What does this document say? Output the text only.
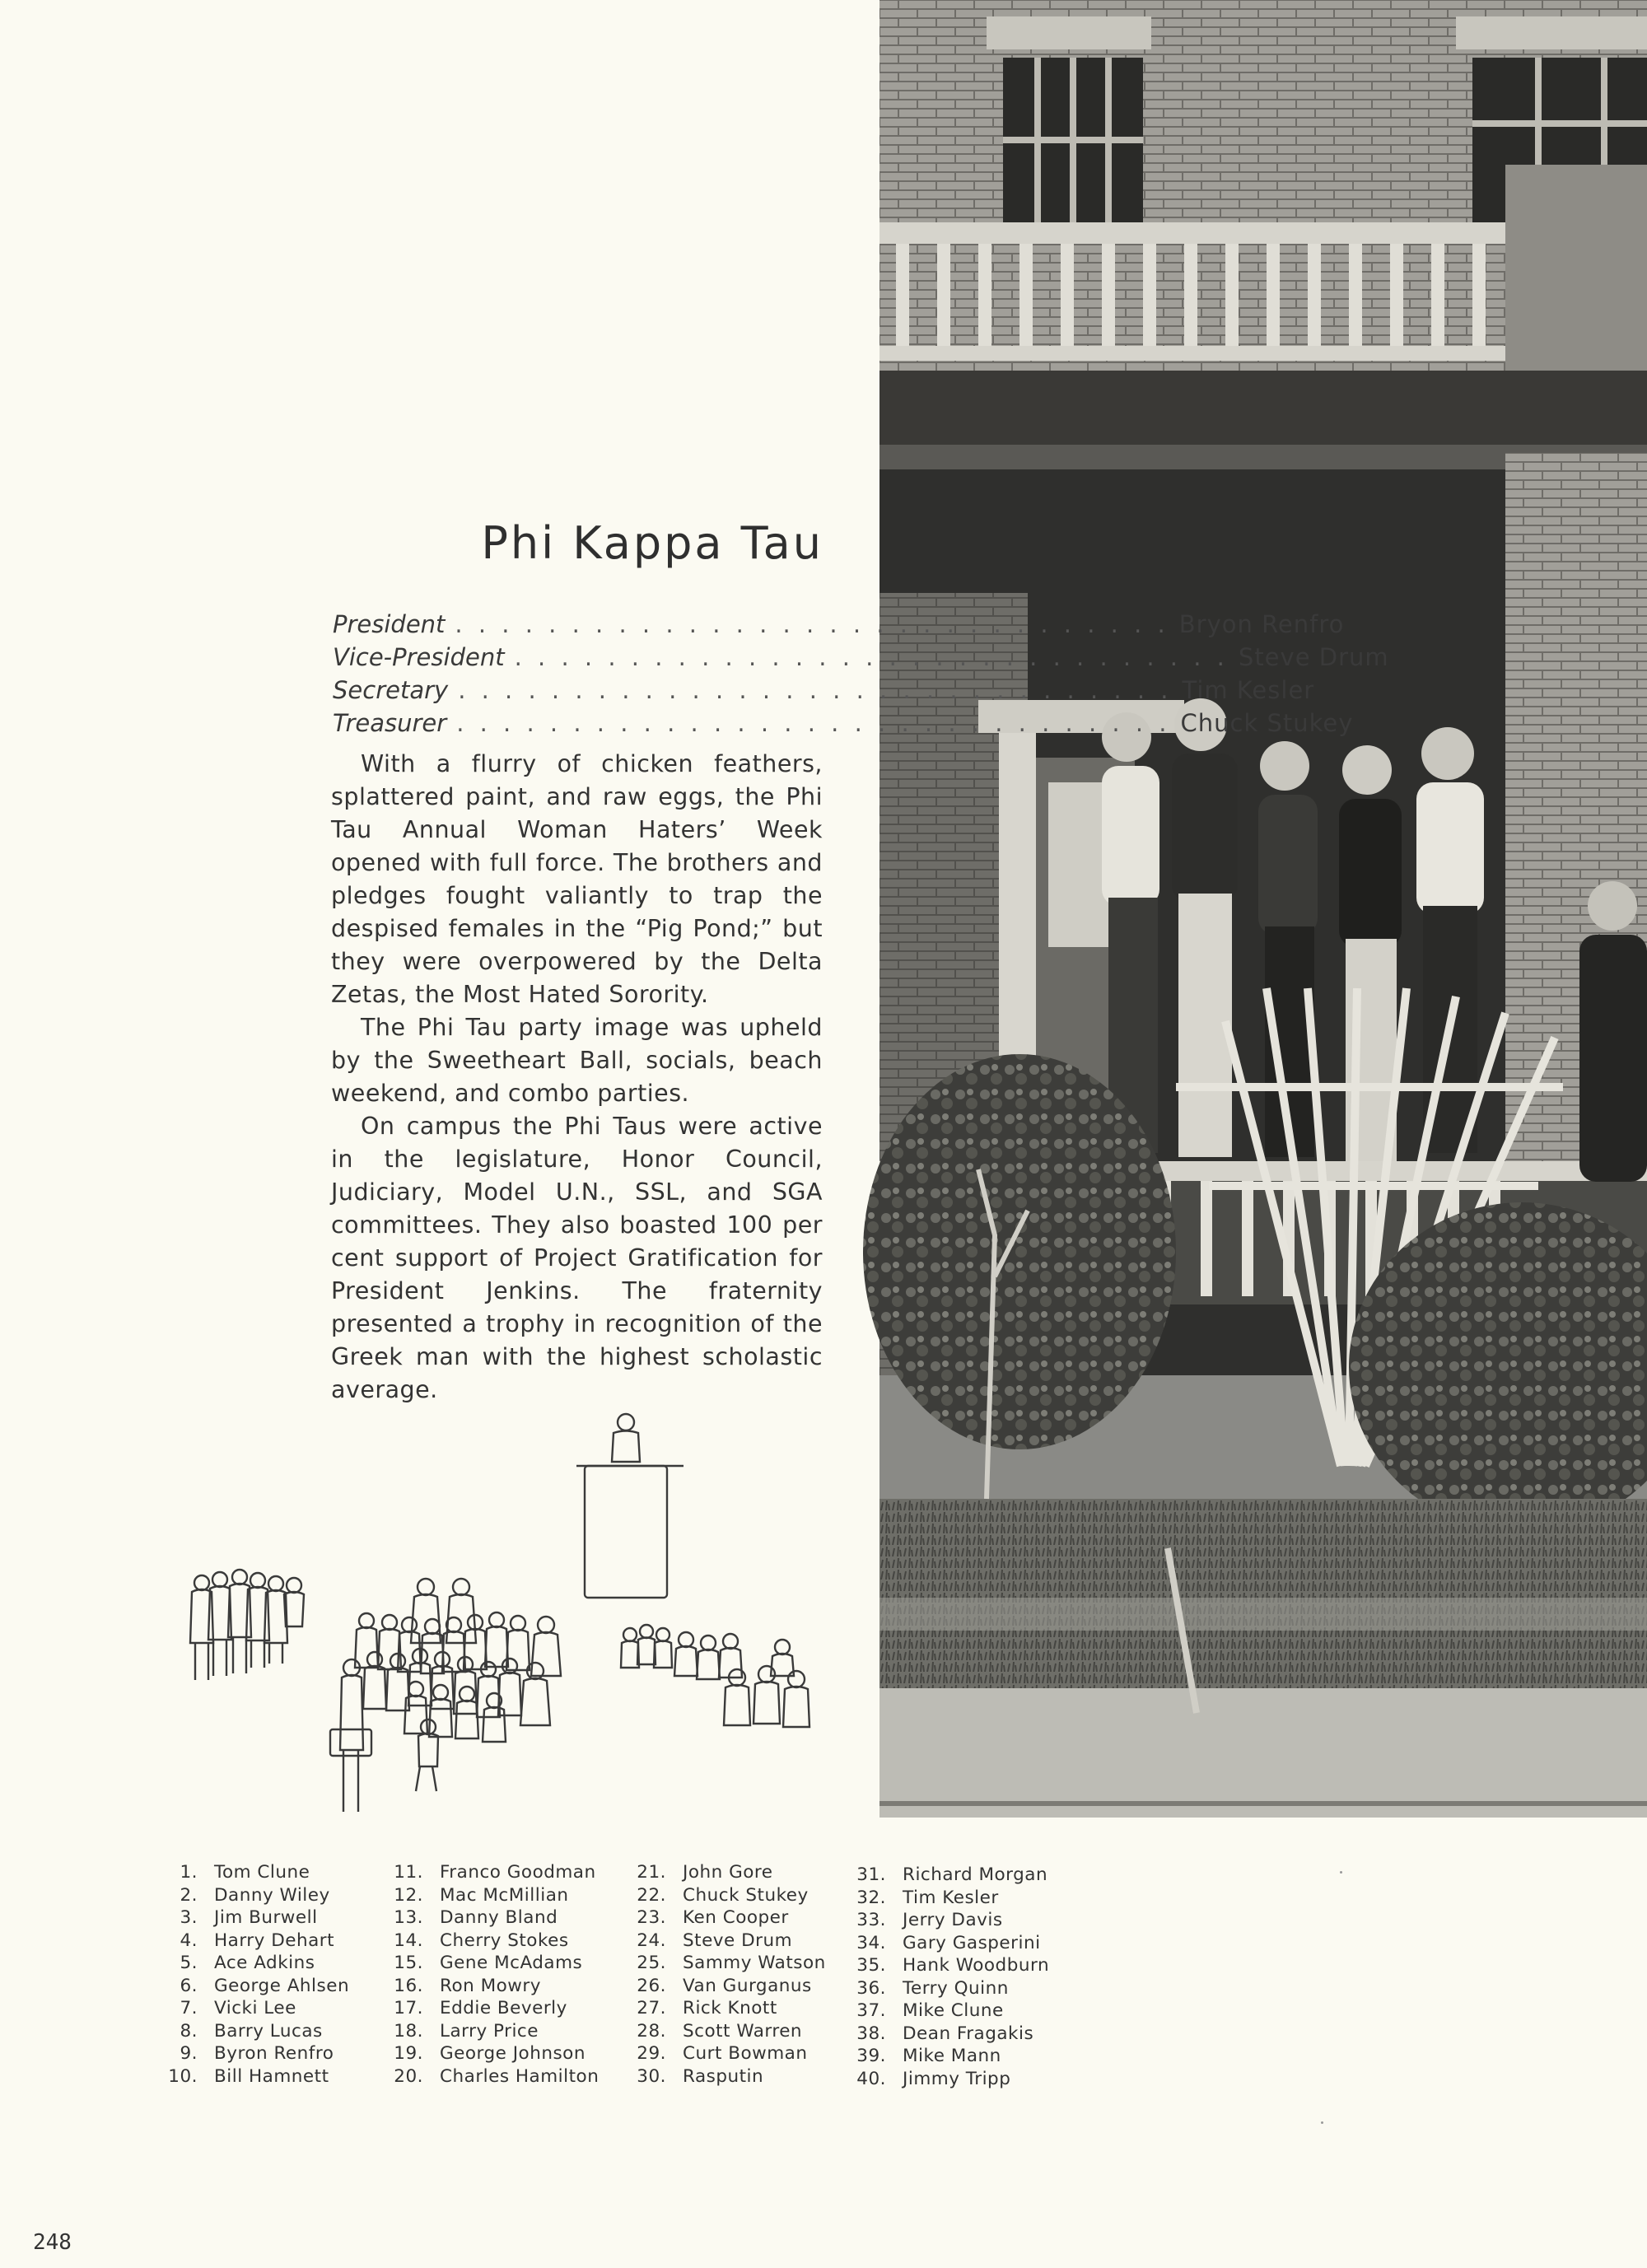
Phi Kappa Tau
President . . . . . . . . . . . . . . . . . . . . . . . . . . . . . . . Bryon Renfro
Vice-President . . . . . . . . . . . . . . . . . . . . . . . . . . . . . . . Steve Drum
Secretary . . . . . . . . . . . . . . . . . . . . . . . . . . . . . . . Tim Kesler
Treasurer . . . . . . . . . . . . . . . . . . . . . . . . . . . . . . . Chuck Stukey

With a flurry of chicken feathers, splattered paint, and raw eggs, the Phi Tau Annual Woman Haters’ Week opened with full force. The brothers and pledges fought valiantly to trap the despised females in the “Pig Pond;” but they were overpowered by the Delta Zetas, the Most Hated Sorority.

The Phi Tau party image was upheld by the Sweetheart Ball, socials, beach weekend, and combo parties.

On campus the Phi Taus were active in the legislature, Honor Council, Judiciary, Model U.N., SSL, and SGA committees. They also boasted 100 per cent support of Project Gratification for President Jenkins. The fraternity presented a trophy in recognition of the Greek man with the highest scholastic average.

1. Tom Clune
2. Danny Wiley
3. Jim Burwell
4. Harry Dehart
5. Ace Adkins
6. George Ahlsen
7. Vicki Lee
8. Barry Lucas
9. Byron Renfro
10. Bill Hamnett
11. Franco Goodman
12. Mac McMillian
13. Danny Bland
14. Cherry Stokes
15. Gene McAdams
16. Ron Mowry
17. Eddie Beverly
18. Larry Price
19. George Johnson
20. Charles Hamilton
21. John Gore
22. Chuck Stukey
23. Ken Cooper
24. Steve Drum
25. Sammy Watson
26. Van Gurganus
27. Rick Knott
28. Scott Warren
29. Curt Bowman
30. Rasputin
31. Richard Morgan
32. Tim Kesler
33. Jerry Davis
34. Gary Gasperini
35. Hank Woodburn
36. Terry Quinn
37. Mike Clune
38. Dean Fragakis
39. Mike Mann
40. Jimmy Tripp
248
